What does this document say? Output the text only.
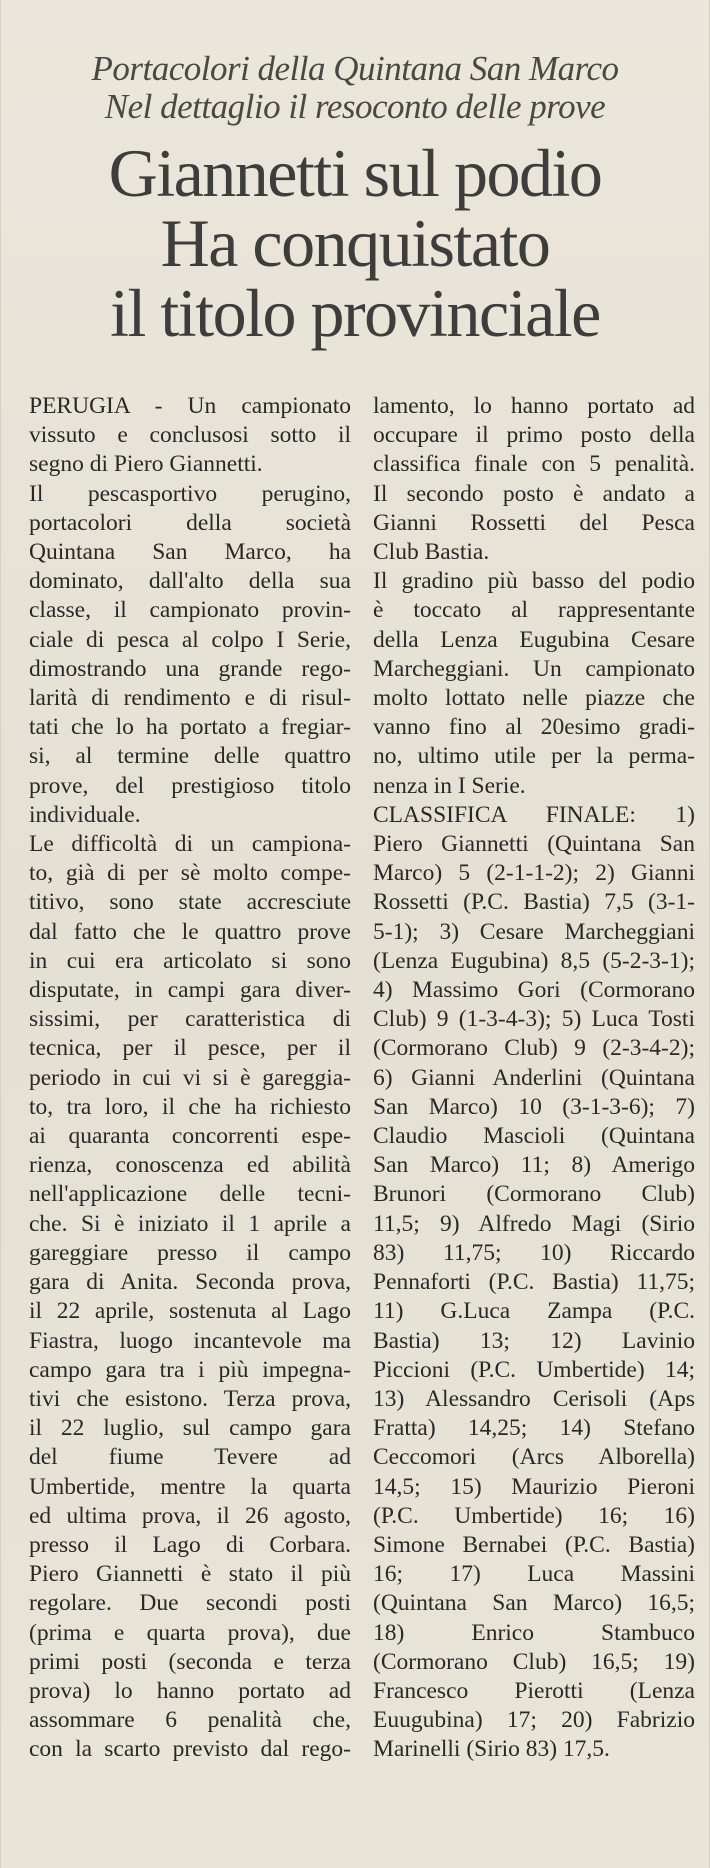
Portacolori della Quintana San Marco
Nel dettaglio il resoconto delle prove
Giannetti sul podio
Ha conquistato
il titolo provinciale
PERUGIA - Un campionato
vissuto e conclusosi sotto il
segno di Piero Giannetti.
Il pescasportivo perugino,
portacolori della società
Quintana San Marco, ha
dominato, dall'alto della sua
classe, il campionato provin-
ciale di pesca al colpo I Serie,
dimostrando una grande rego-
larità di rendimento e di risul-
tati che lo ha portato a fregiar-
si, al termine delle quattro
prove, del prestigioso titolo
individuale.
Le difficoltà di un campiona-
to, già di per sè molto compe-
titivo, sono state accresciute
dal fatto che le quattro prove
in cui era articolato si sono
disputate, in campi gara diver-
sissimi, per caratteristica di
tecnica, per il pesce, per il
periodo in cui vi si è gareggia-
to, tra loro, il che ha richiesto
ai quaranta concorrenti espe-
rienza, conoscenza ed abilità
nell'applicazione delle tecni-
che. Si è iniziato il 1 aprile a
gareggiare presso il campo
gara di Anita. Seconda prova,
il 22 aprile, sostenuta al Lago
Fiastra, luogo incantevole ma
campo gara tra i più impegna-
tivi che esistono. Terza prova,
il 22 luglio, sul campo gara
del fiume Tevere ad
Umbertide, mentre la quarta
ed ultima prova, il 26 agosto,
presso il Lago di Corbara.
Piero Giannetti è stato il più
regolare. Due secondi posti
(prima e quarta prova), due
primi posti (seconda e terza
prova) lo hanno portato ad
assommare 6 penalità che,
con la scarto previsto dal rego-
lamento, lo hanno portato ad
occupare il primo posto della
classifica finale con 5 penalità.
Il secondo posto è andato a
Gianni Rossetti del Pesca
Club Bastia.
Il gradino più basso del podio
è toccato al rappresentante
della Lenza Eugubina Cesare
Marcheggiani. Un campionato
molto lottato nelle piazze che
vanno fino al 20esimo gradi-
no, ultimo utile per la perma-
nenza in I Serie.
CLASSIFICA FINALE: 1)
Piero Giannetti (Quintana San
Marco) 5 (2-1-1-2); 2) Gianni
Rossetti (P.C. Bastia) 7,5 (3-1-
5-1); 3) Cesare Marcheggiani
(Lenza Eugubina) 8,5 (5-2-3-1);
4) Massimo Gori (Cormorano
Club) 9 (1-3-4-3); 5) Luca Tosti
(Cormorano Club) 9 (2-3-4-2);
6) Gianni Anderlini (Quintana
San Marco) 10 (3-1-3-6); 7)
Claudio Mascioli (Quintana
San Marco) 11; 8) Amerigo
Brunori (Cormorano Club)
11,5; 9) Alfredo Magi (Sirio
83) 11,75; 10) Riccardo
Pennaforti (P.C. Bastia) 11,75;
11) G.Luca Zampa (P.C.
Bastia) 13; 12) Lavinio
Piccioni (P.C. Umbertide) 14;
13) Alessandro Cerisoli (Aps
Fratta) 14,25; 14) Stefano
Ceccomori (Arcs Alborella)
14,5; 15) Maurizio Pieroni
(P.C. Umbertide) 16; 16)
Simone Bernabei (P.C. Bastia)
16; 17) Luca Massini
(Quintana San Marco) 16,5;
18) Enrico Stambuco
(Cormorano Club) 16,5; 19)
Francesco Pierotti (Lenza
Euugubina) 17; 20) Fabrizio
Marinelli (Sirio 83) 17,5.
